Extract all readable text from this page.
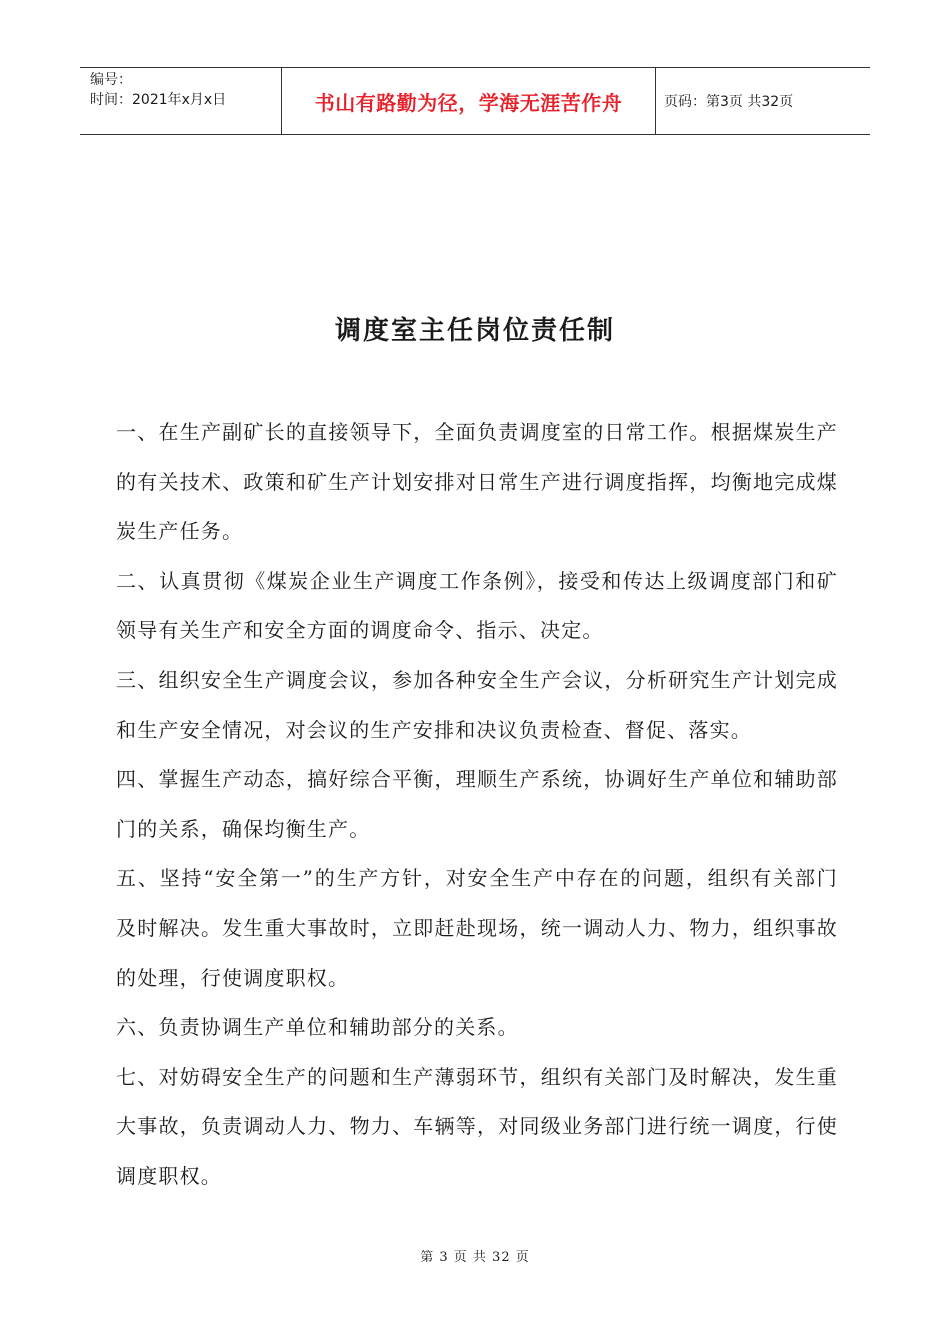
编号：
时间：2021年x月x日	书山有路勤为径，学海无涯苦作舟	页码：第3页 共32页
调度室主任岗位责任制

一、在生产副矿长的直接领导下，全面负责调度室的日常工作。根据煤炭生产的有关技术、政策和矿生产计划安排对日常生产进行调度指挥，均衡地完成煤炭生产任务。

二、认真贯彻《煤炭企业生产调度工作条例》，接受和传达上级调度部门和矿领导有关生产和安全方面的调度命令、指示、决定。

三、组织安全生产调度会议，参加各种安全生产会议，分析研究生产计划完成和生产安全情况，对会议的生产安排和决议负责检查、督促、落实。

四、掌握生产动态，搞好综合平衡，理顺生产系统，协调好生产单位和辅助部门的关系，确保均衡生产。

五、坚持“安全第一”的生产方针，对安全生产中存在的问题，组织有关部门及时解决。发生重大事故时，立即赶赴现场，统一调动人力、物力，组织事故的处理，行使调度职权。

六、负责协调生产单位和辅助部分的关系。

七、对妨碍安全生产的问题和生产薄弱环节，组织有关部门及时解决，发生重大事故，负责调动人力、物力、车辆等，对同级业务部门进行统一调度，行使调度职权。

第 3 页 共 32 页
